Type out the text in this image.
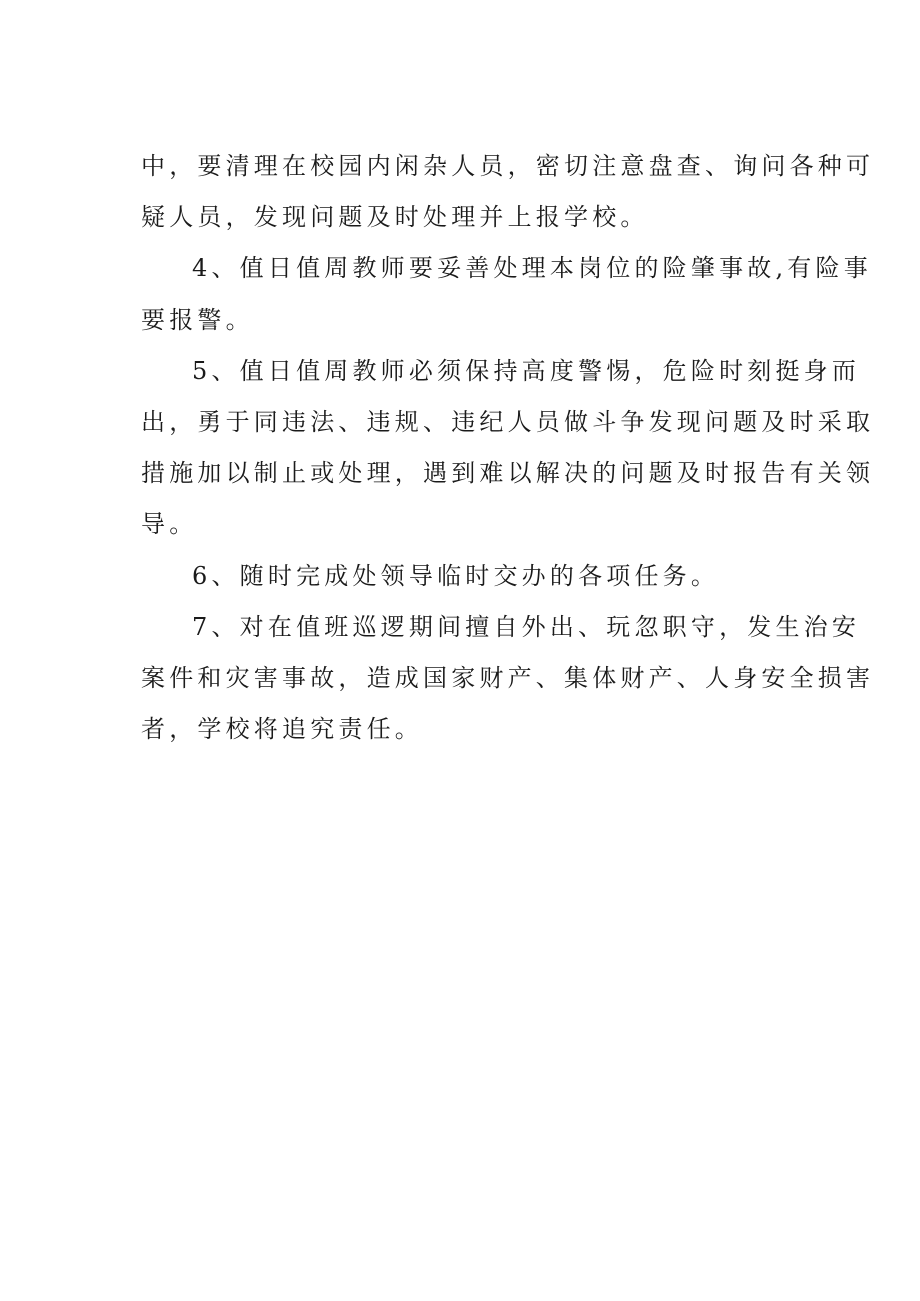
中，要清理在校园内闲杂人员，密切注意盘查、询问各种可
疑人员，发现问题及时处理并上报学校。
4、值日值周教师要妥善处理本岗位的险肇事故,有险事
要报警。
5、值日值周教师必须保持高度警惕，危险时刻挺身而
出，勇于同违法、违规、违纪人员做斗争发现问题及时采取
措施加以制止或处理，遇到难以解决的问题及时报告有关领
导。
6、随时完成处领导临时交办的各项任务。
7、对在值班巡逻期间擅自外出、玩忽职守，发生治安
案件和灾害事故，造成国家财产、集体财产、人身安全损害
者，学校将追究责任。
